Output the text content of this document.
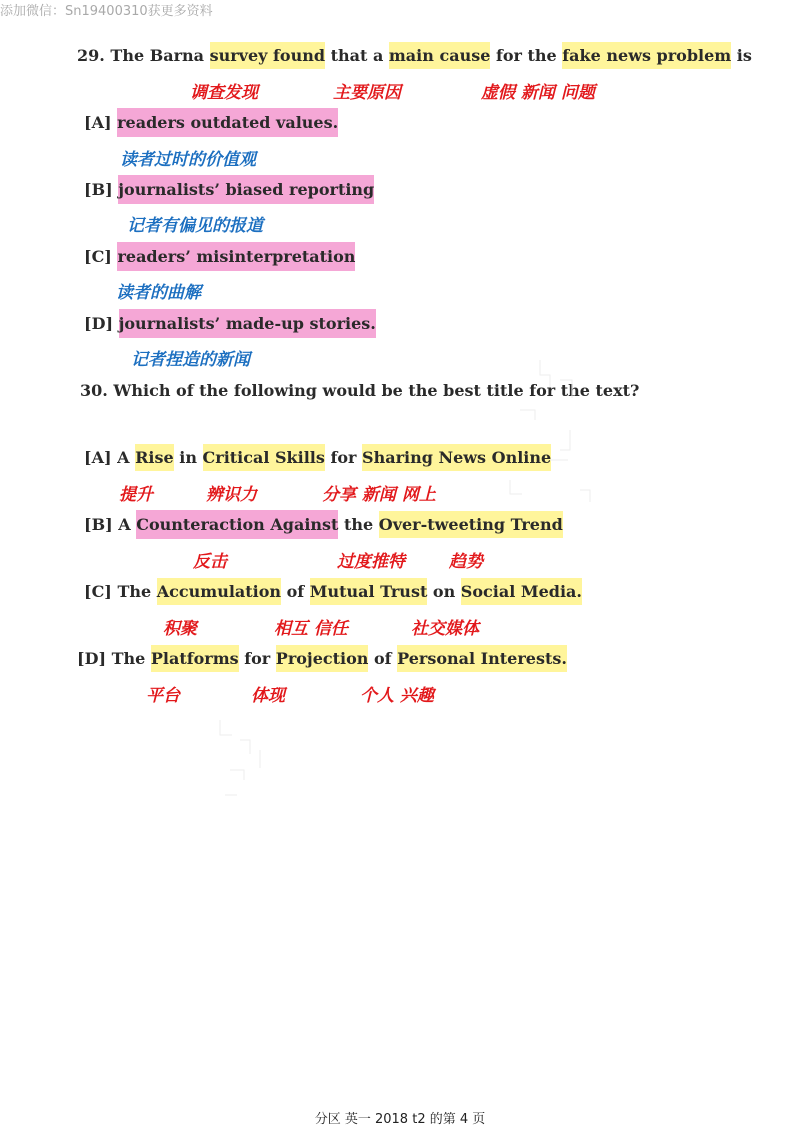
添加微信：Sn19400310获更多资料
29. The Barna survey found that a main cause for the fake news problem is
调查发现	主要原因	虚假 新闻 问题
[A] readers outdated values.
读者过时的价值观
[B] journalists’ biased reporting
记者有偏见的报道
[C] readers’ misinterpretation
读者的曲解
[D] journalists’ made-up stories.
记者捏造的新闻
30. Which of the following would be the best title for the text?
[A] A Rise in Critical Skills for Sharing News Online
提升	辨识力	分享 新闻 网上
[B] A Counteraction Against the Over-tweeting Trend
反击	过度推特	趋势
[C] The Accumulation of Mutual Trust on Social Media.
积聚	相互 信任	社交媒体
[D] The Platforms for Projection of Personal Interests.
平台	体现	个人 兴趣
分区 英一 2018 t2 的第 4 页
